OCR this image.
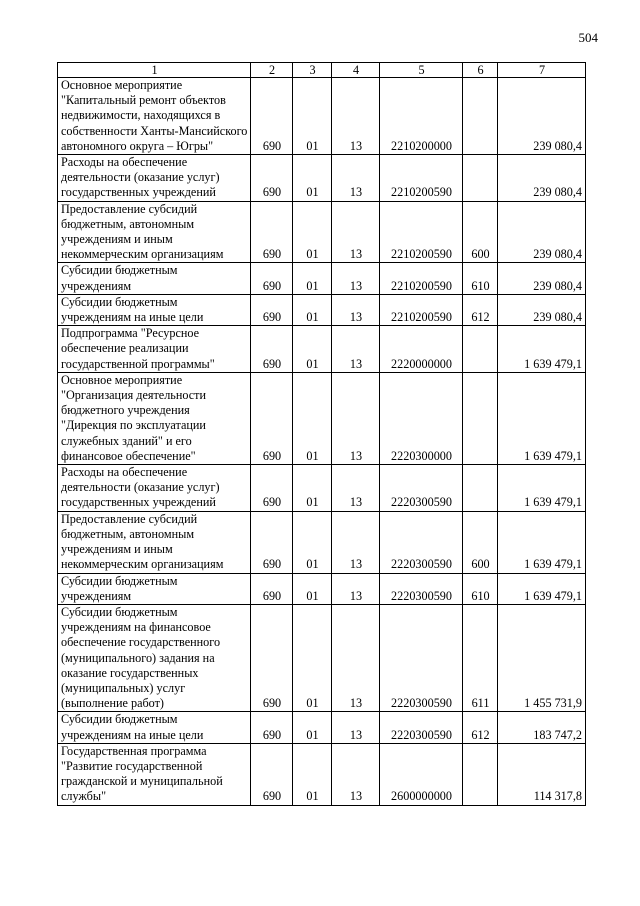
504
1	2	3	4	5	6	7
Основное мероприятие "Капитальный ремонт объектов недвижимости, находящихся в собственности Ханты-Мансийского автономного округа – Югры"	690	01	13	2210200000		239 080,4
Расходы на обеспечение деятельности (оказание услуг) государственных учреждений	690	01	13	2210200590		239 080,4
Предоставление субсидий бюджетным, автономным учреждениям и иным некоммерческим организациям	690	01	13	2210200590	600	239 080,4
Субсидии бюджетным учреждениям	690	01	13	2210200590	610	239 080,4
Субсидии бюджетным учреждениям на иные цели	690	01	13	2210200590	612	239 080,4
Подпрограмма "Ресурсное обеспечение реализации государственной программы"	690	01	13	2220000000		1 639 479,1
Основное мероприятие "Организация деятельности бюджетного учреждения "Дирекция по эксплуатации служебных зданий" и его финансовое обеспечение"	690	01	13	2220300000		1 639 479,1
Расходы на обеспечение деятельности (оказание услуг) государственных учреждений	690	01	13	2220300590		1 639 479,1
Предоставление субсидий бюджетным, автономным учреждениям и иным некоммерческим организациям	690	01	13	2220300590	600	1 639 479,1
Субсидии бюджетным учреждениям	690	01	13	2220300590	610	1 639 479,1
Субсидии бюджетным учреждениям на финансовое обеспечение государственного (муниципального) задания на оказание государственных (муниципальных) услуг (выполнение работ)	690	01	13	2220300590	611	1 455 731,9
Субсидии бюджетным учреждениям на иные цели	690	01	13	2220300590	612	183 747,2
Государственная программа "Развитие государственной гражданской и муниципальной службы"	690	01	13	2600000000		114 317,8
